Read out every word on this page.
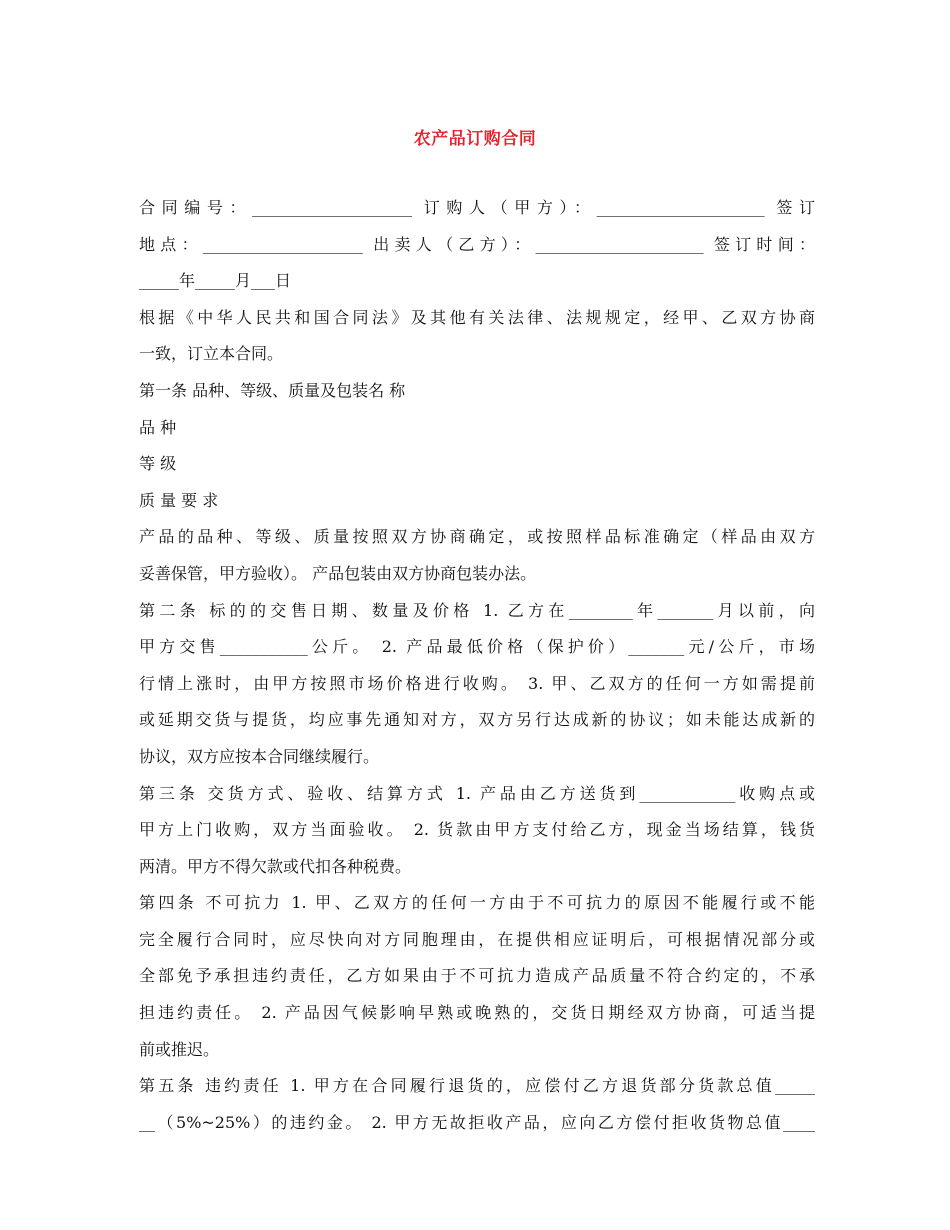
农产品订购合同
合同编号：____________________ 订购人（甲方）：_____________________ 签订
地点：____________________ 出卖人（乙方）：_____________________ 签订时间：
_____年_____月___日
根据《中华人民共和国合同法》及其他有关法律、法规规定，经甲、乙双方协商
一致，订立本合同。
第一条 品种、等级、质量及包装名 称
品 种
等 级
质 量 要 求
产品的品种、等级、质量按照双方协商确定，或按照样品标准确定（样品由双方
妥善保管，甲方验收）。 产品包装由双方协商包装办法。
第二条 标的的交售日期、数量及价格 1. 乙方在________年_______月以前，向
甲方交售___________公斤。 2. 产品最低价格（保护价）_______元/公斤，市场
行情上涨时，由甲方按照市场价格进行收购。 3. 甲、乙双方的任何一方如需提前
或延期交货与提货，均应事先通知对方，双方另行达成新的协议；如未能达成新的
协议，双方应按本合同继续履行。
第三条 交货方式、验收、结算方式 1. 产品由乙方送货到____________收购点或
甲方上门收购，双方当面验收。 2. 货款由甲方支付给乙方，现金当场结算，钱货
两清。甲方不得欠款或代扣各种税费。
第四条 不可抗力 1. 甲、乙双方的任何一方由于不可抗力的原因不能履行或不能
完全履行合同时，应尽快向对方同胞理由，在提供相应证明后，可根据情况部分或
全部免予承担违约责任，乙方如果由于不可抗力造成产品质量不符合约定的，不承
担违约责任。 2. 产品因气候影响早熟或晚熟的，交货日期经双方协商，可适当提
前或推迟。
第五条 违约责任 1. 甲方在合同履行退货的，应偿付乙方退货部分货款总值_____
__（5%~25%）的违约金。 2. 甲方无故拒收产品，应向乙方偿付拒收货物总值____
